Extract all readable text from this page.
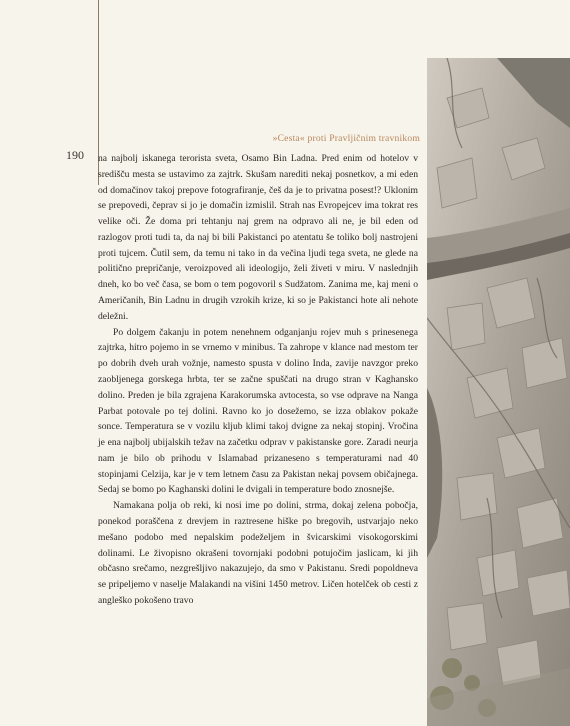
190
»Cesta« proti Pravljičnim travnikom

na najbolj iskanega terorista sveta, Osamo Bin Ladna. Pred enim od hotelov v središču mesta se ustavimo za zajtrk. Skušam narediti nekaj posnetkov, a mi eden od domačinov takoj prepove fotografiranje, češ da je to privatna posest!? Uklonim se prepovedi, čeprav si jo je domačin izmislil. Strah nas Evropejcev ima tokrat res velike oči. Že doma pri tehtanju naj grem na odpravo ali ne, je bil eden od razlogov proti tudi ta, da naj bi bili Pakistanci po atentatu še toliko bolj nastrojeni proti tujcem. Čutil sem, da temu ni tako in da večina ljudi tega sveta, ne glede na politično prepričanje, veroizpoved ali ideologijo, želi živeti v miru. V naslednjih dneh, ko bo več časa, se bom o tem pogovoril s Sudžatom. Zanima me, kaj meni o Američanih, Bin Ladnu in drugih vzrokih krize, ki so je Pakistanci hote ali nehote deležni.

Po dolgem čakanju in potem nenehnem odganjanju rojev muh s prinesenega zajtrka, hitro pojemo in se vrnemo v minibus. Ta zahrope v klance nad mestom ter po dobrih dveh urah vožnje, namesto spusta v dolino Inda, zavije navzgor preko zaobljenega gorskega hrbta, ter se začne spuščati na drugo stran v Kaghansko dolino. Preden je bila zgrajena Karakorumska avtocesta, so vse odprave na Nanga Parbat potovale po tej dolini. Ravno ko jo dosežemo, se izza oblakov pokaže sonce. Temperatura se v vozilu kljub klimi takoj dvigne za nekaj stopinj. Vročina je ena najbolj ubijalskih težav na začetku odprav v pakistanske gore. Zaradi neurja nam je bilo ob prihodu v Islamabad prizaneseno s temperaturami nad 40 stopinjami Celzija, kar je v tem letnem času za Pakistan nekaj povsem običajnega. Sedaj se bomo po Kaghanski dolini le dvigali in temperature bodo znosnejše.

Namakana polja ob reki, ki nosi ime po dolini, strma, dokaj zelena pobočja, ponekod poraščena z drevjem in raztresene hiške po bregovih, ustvarjajo neko mešano podobo med nepalskim podeželjem in švicarskimi visokogorskimi dolinami. Le živopisno okrašeni tovornjaki podobni potujočim jaslicam, ki jih občasno srečamo, nezgrešljivo nakazujejo, da smo v Pakistanu. Sredi popoldneva se pripeljemo v naselje Malakandi na višini 1450 metrov. Ličen hotelček ob cesti z angleško pokošeno travo
